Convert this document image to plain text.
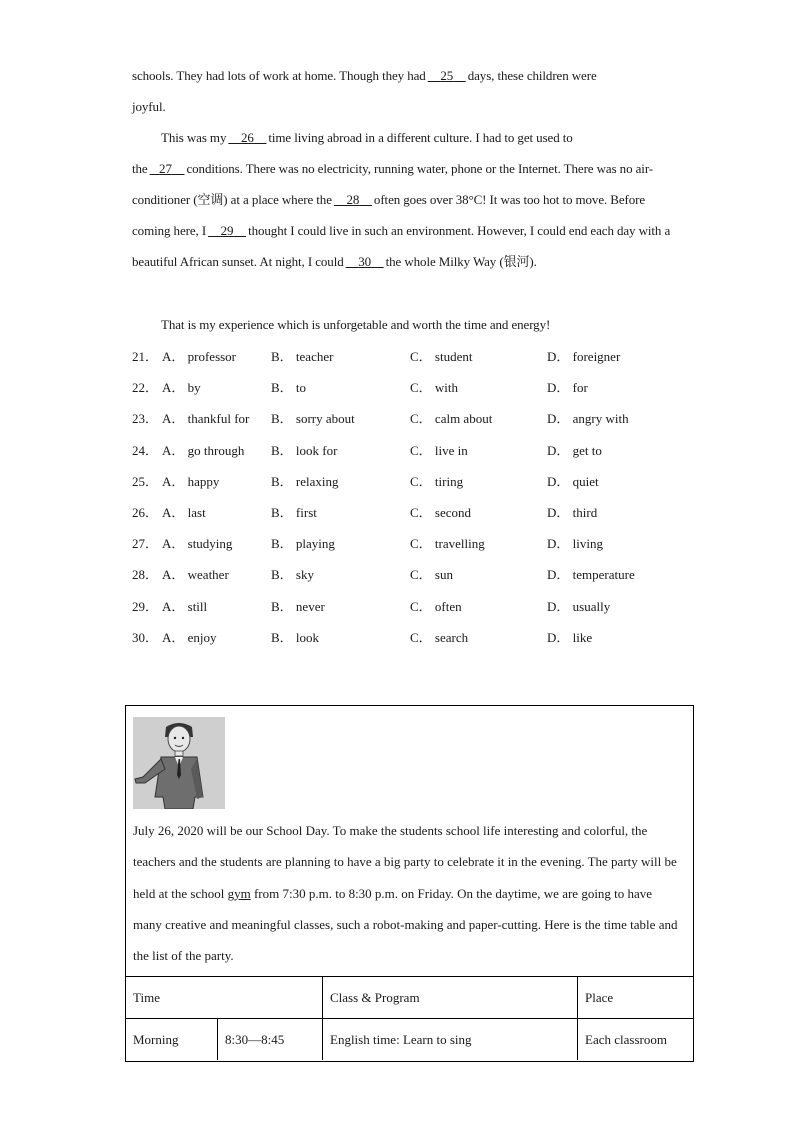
schools. They had lots of work at home. Though they had 25 days, these children were
joyful.
This was my 26 time living abroad in a different culture. I had to get used to the 27 conditions. There was no electricity, running water, phone or the Internet. There was no air-conditioner (空调) at a place where the 28 often goes over 38°C! It was too hot to move. Before coming here, I 29 thought I could live in such an environment. However, I could end each day with a beautiful African sunset. At night, I could 30 the whole Milky Way (银河).
That is my experience which is unforgetable and worth the time and energy!
21． A． professor	B． teacher	C． student	D． foreigner
22． A． by	B． to	C． with	D． for
23． A． thankful for B． sorry about	C． calm about	D． angry with
24． A． go through B． look for	C． live in	D． get to
25． A． happy	B． relaxing	C． tiring	D． quiet
26． A． last	B． first	C． second	D． third
27． A． studying	B． playing	C． travelling	D． living
28． A． weather	B． sky	C． sun	D． temperature
29． A． still	B． never	C． often	D． usually
30． A． enjoy	B． look	C． search	D． like
July 26, 2020 will be our School Day. To make the students school life interesting and colorful, the teachers and the students are planning to have a big party to celebrate it in the evening. The party will be held at the school gym from 7:30 p.m. to 8:30 p.m. on Friday. On the daytime, we are going to have many creative and meaningful classes, such a robot-making and paper-cutting. Here is the time table and the list of the party.
Time		Class & Program	Place
Morning	8:30—8:45	English time: Learn to sing	Each classroom
